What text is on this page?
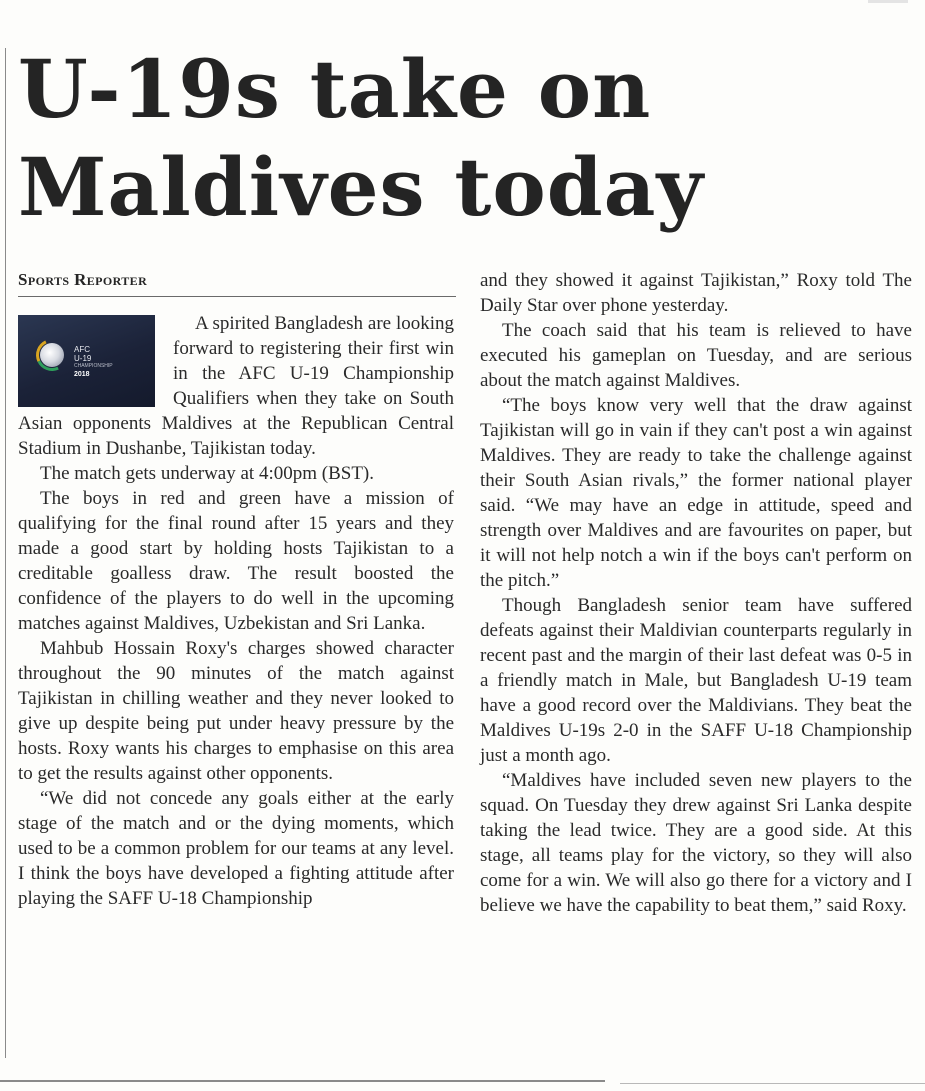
U-19s take on Maldives today
Sports Reporter
AFC
U-19
CHAMPIONSHIP
2018

A spirited Bangladesh are looking forward to registering their first win in the AFC U-19 Championship Qualifiers when they take on South Asian opponents Maldives at the Republican Central Stadium in Dushanbe, Tajikistan today.

The match gets underway at 4:00pm (BST).

The boys in red and green have a mission of qualifying for the final round after 15 years and they made a good start by holding hosts Tajikistan to a creditable goalless draw. The result boosted the confidence of the players to do well in the upcoming matches against Maldives, Uzbekistan and Sri Lanka.

Mahbub Hossain Roxy's charges showed character throughout the 90 minutes of the match against Tajikistan in chilling weather and they never looked to give up despite being put under heavy pressure by the hosts. Roxy wants his charges to emphasise on this area to get the results against other opponents.

“We did not concede any goals either at the early stage of the match and or the dying moments, which used to be a common problem for our teams at any level. I think the boys have developed a fighting attitude after playing the SAFF U-18 Championship

and they showed it against Tajikistan,” Roxy told The Daily Star over phone yesterday.

The coach said that his team is relieved to have executed his gameplan on Tuesday, and are serious about the match against Maldives.

“The boys know very well that the draw against Tajikistan will go in vain if they can't post a win against Maldives. They are ready to take the challenge against their South Asian rivals,” the former national player said. “We may have an edge in attitude, speed and strength over Maldives and are favourites on paper, but it will not help notch a win if the boys can't perform on the pitch.”

Though Bangladesh senior team have suffered defeats against their Maldivian counterparts regularly in recent past and the margin of their last defeat was 0-5 in a friendly match in Male, but Bangladesh U-19 team have a good record over the Maldivians. They beat the Maldives U-19s 2-0 in the SAFF U-18 Championship just a month ago.

“Maldives have included seven new players to the squad. On Tuesday they drew against Sri Lanka despite taking the lead twice. They are a good side. At this stage, all teams play for the victory, so they will also come for a win. We will also go there for a victory and I believe we have the capability to beat them,” said Roxy.
